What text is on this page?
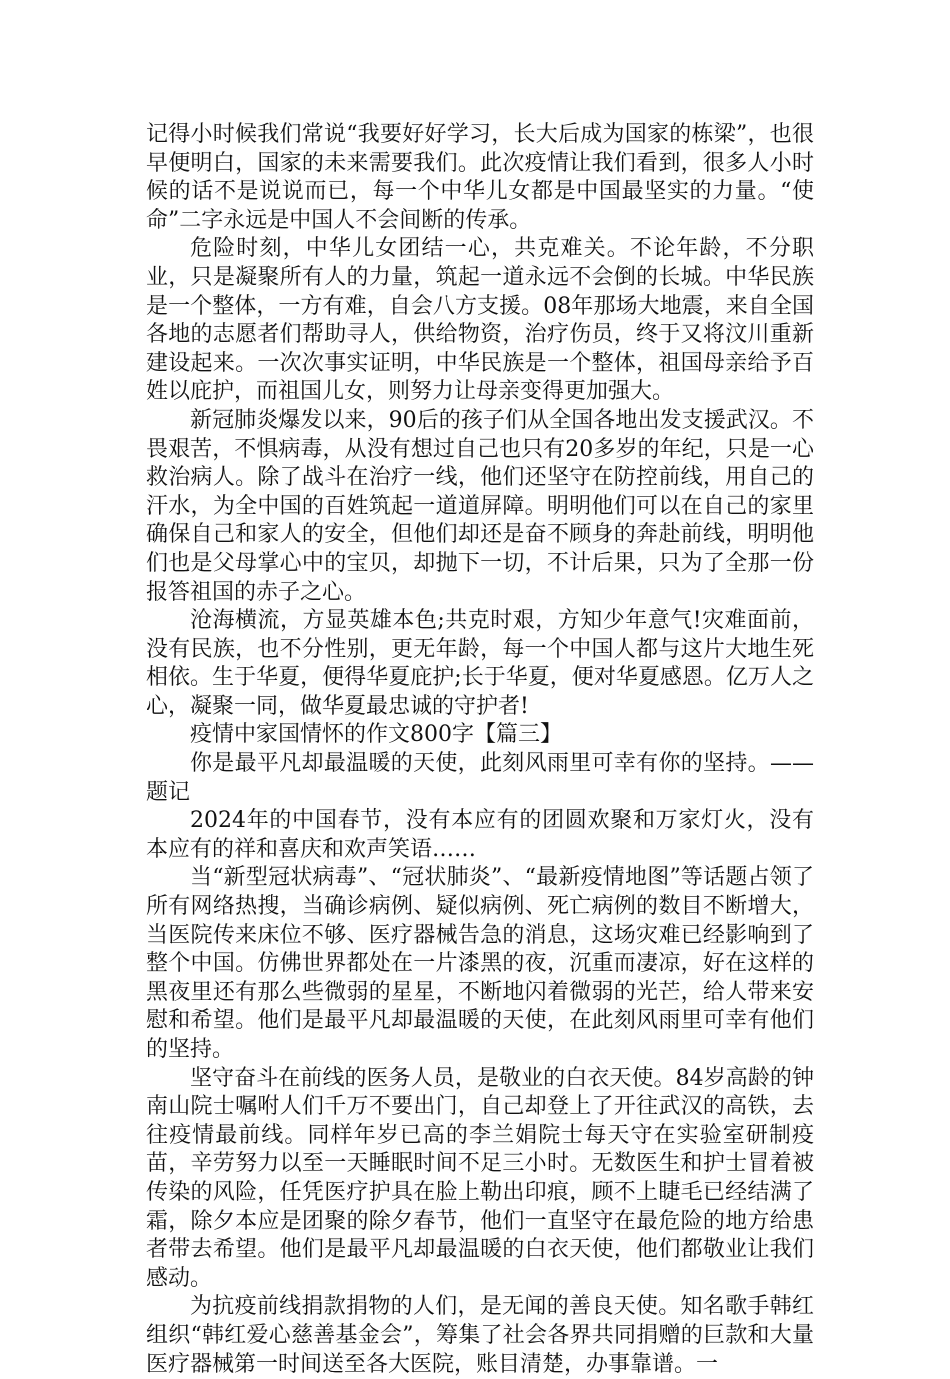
记得小时候我们常说“我要好好学习，长大后成为国家的栋梁”，也很早便明白，国家的未来需要我们。此次疫情让我们看到，很多人小时候的话不是说说而已，每一个中华儿女都是中国最坚实的力量。“使命”二字永远是中国人不会间断的传承。

危险时刻，中华儿女团结一心，共克难关。不论年龄，不分职业，只是凝聚所有人的力量，筑起一道永远不会倒的长城。中华民族是一个整体，一方有难，自会八方支援。08年那场大地震，来自全国各地的志愿者们帮助寻人，供给物资，治疗伤员，终于又将汶川重新建设起来。一次次事实证明，中华民族是一个整体，祖国母亲给予百姓以庇护，而祖国儿女，则努力让母亲变得更加强大。

新冠肺炎爆发以来，90后的孩子们从全国各地出发支援武汉。不畏艰苦，不惧病毒，从没有想过自己也只有20多岁的年纪，只是一心救治病人。除了战斗在治疗一线，他们还坚守在防控前线，用自己的汗水，为全中国的百姓筑起一道道屏障。明明他们可以在自己的家里确保自己和家人的安全，但他们却还是奋不顾身的奔赴前线，明明他们也是父母掌心中的宝贝，却抛下一切，不计后果，只为了全那一份报答祖国的赤子之心。

沧海横流，方显英雄本色;共克时艰，方知少年意气!灾难面前，没有民族，也不分性别，更无年龄，每一个中国人都与这片大地生死相依。生于华夏，便得华夏庇护;长于华夏，便对华夏感恩。亿万人之心，凝聚一同，做华夏最忠诚的守护者!

疫情中家国情怀的作文800字【篇三】

你是最平凡却最温暖的天使，此刻风雨里可幸有你的坚持。——题记

2024年的中国春节，没有本应有的团圆欢聚和万家灯火，没有本应有的祥和喜庆和欢声笑语……

当“新型冠状病毒”、“冠状肺炎”、“最新疫情地图”等话题占领了所有网络热搜，当确诊病例、疑似病例、死亡病例的数目不断增大，当医院传来床位不够、医疗器械告急的消息，这场灾难已经影响到了整个中国。仿佛世界都处在一片漆黑的夜，沉重而凄凉，好在这样的黑夜里还有那么些微弱的星星，不断地闪着微弱的光芒，给人带来安慰和希望。他们是最平凡却最温暖的天使，在此刻风雨里可幸有他们的坚持。

坚守奋斗在前线的医务人员，是敬业的白衣天使。84岁高龄的钟南山院士嘱咐人们千万不要出门，自己却登上了开往武汉的高铁，去往疫情最前线。同样年岁已高的李兰娟院士每天守在实验室研制疫苗，辛劳努力以至一天睡眠时间不足三小时。无数医生和护士冒着被传染的风险，任凭医疗护具在脸上勒出印痕，顾不上睫毛已经结满了霜，除夕本应是团聚的除夕春节，他们一直坚守在最危险的地方给患者带去希望。他们是最平凡却最温暖的白衣天使，他们都敬业让我们感动。

为抗疫前线捐款捐物的人们，是无闻的善良天使。知名歌手韩红组织“韩红爱心慈善基金会”，筹集了社会各界共同捐赠的巨款和大量医疗器械第一时间送至各大医院，账目清楚，办事靠谱。一
